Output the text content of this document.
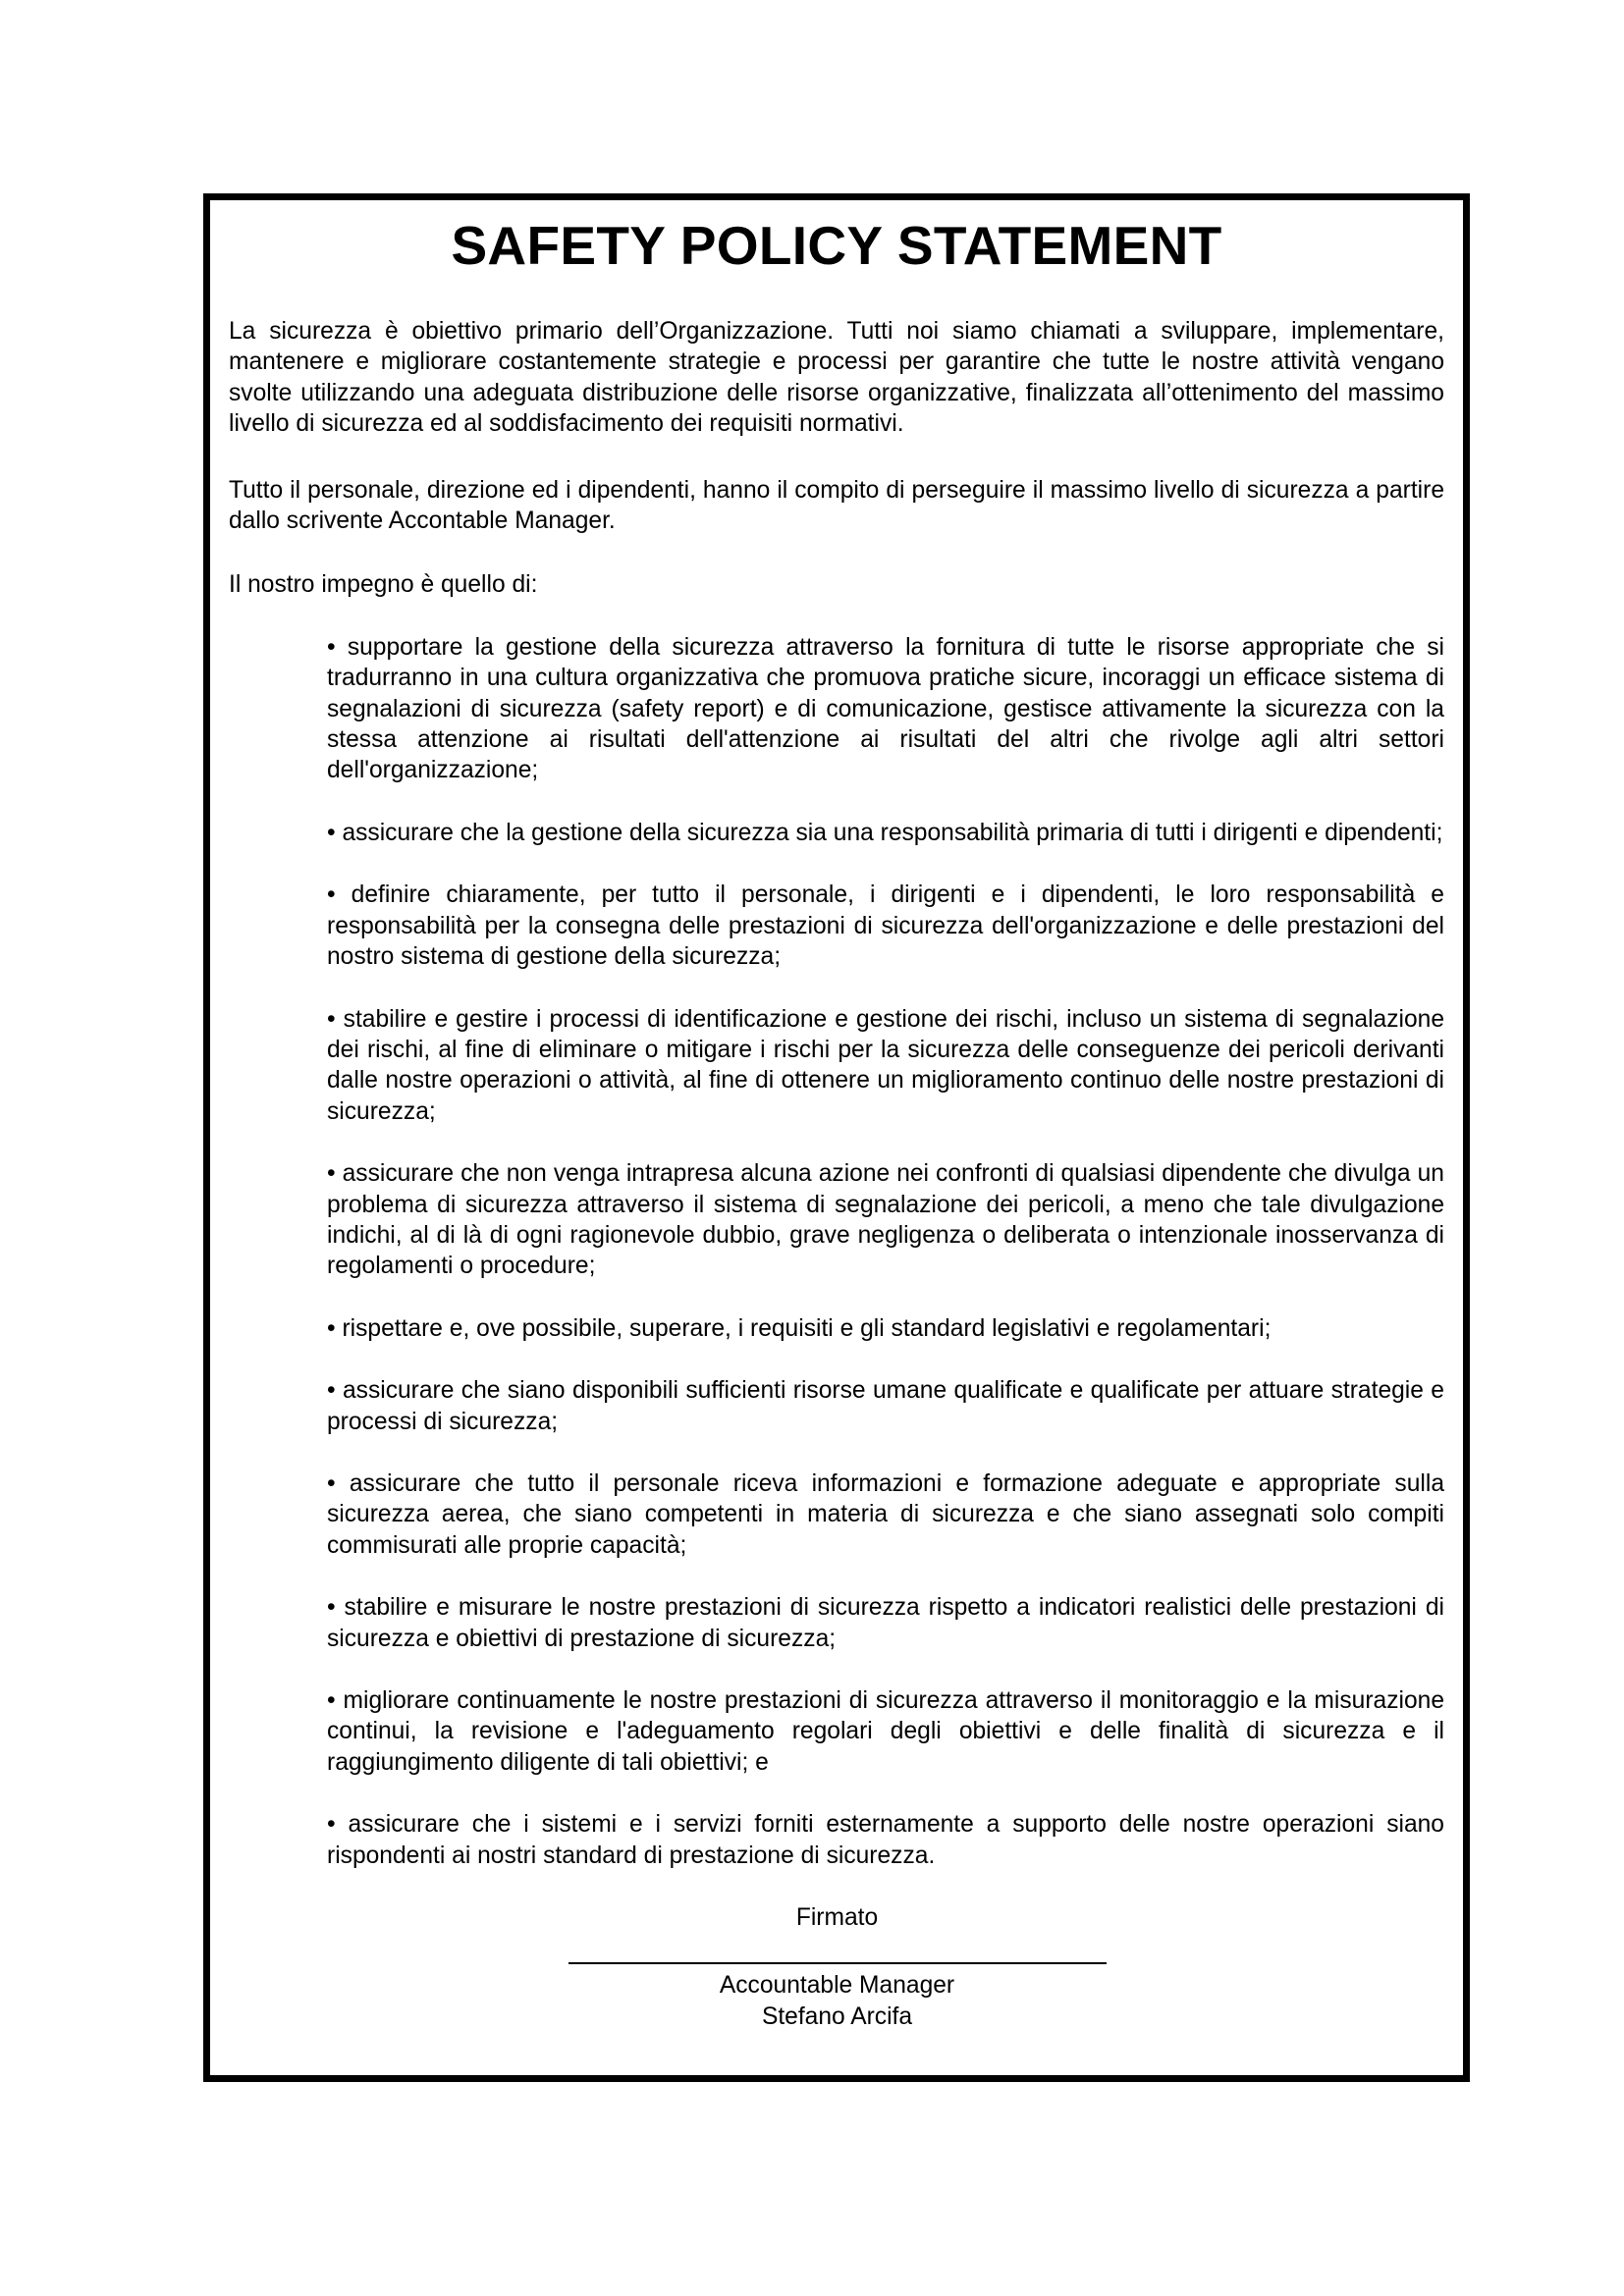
SAFETY POLICY STATEMENT

La sicurezza è obiettivo primario dell’Organizzazione. Tutti noi siamo chiamati a sviluppare, implementare, mantenere e migliorare costantemente strategie e processi per garantire che tutte le nostre attività vengano svolte utilizzando una adeguata distribuzione delle risorse organizzative, finalizzata all’ottenimento del massimo livello di sicurezza ed al soddisfacimento dei requisiti normativi.

Tutto il personale, direzione ed i dipendenti, hanno il compito di perseguire il massimo livello di sicurezza a partire dallo scrivente Accontable Manager.

Il nostro impegno è quello di:

• supportare la gestione della sicurezza attraverso la fornitura di tutte le risorse appropriate che si tradurranno in una cultura organizzativa che promuova pratiche sicure, incoraggi un efficace sistema di segnalazioni di sicurezza (safety report) e di comunicazione, gestisce attivamente la sicurezza con la stessa attenzione ai risultati dell'attenzione ai risultati del altri che rivolge agli altri settori dell'organizzazione;
• assicurare che la gestione della sicurezza sia una responsabilità primaria di tutti i dirigenti e dipendenti;
• definire chiaramente, per tutto il personale, i dirigenti e i dipendenti, le loro responsabilità e responsabilità per la consegna delle prestazioni di sicurezza dell'organizzazione e delle prestazioni del nostro sistema di gestione della sicurezza;
• stabilire e gestire i processi di identificazione e gestione dei rischi, incluso un sistema di segnalazione dei rischi, al fine di eliminare o mitigare i rischi per la sicurezza delle conseguenze dei pericoli derivanti dalle nostre operazioni o attività, al fine di ottenere un miglioramento continuo delle nostre prestazioni di sicurezza;
• assicurare che non venga intrapresa alcuna azione nei confronti di qualsiasi dipendente che divulga un problema di sicurezza attraverso il sistema di segnalazione dei pericoli, a meno che tale divulgazione indichi, al di là di ogni ragionevole dubbio, grave negligenza o deliberata o intenzionale inosservanza di regolamenti o procedure;
• rispettare e, ove possibile, superare, i requisiti e gli standard legislativi e regolamentari;
• assicurare che siano disponibili sufficienti risorse umane qualificate e qualificate per attuare strategie e processi di sicurezza;
• assicurare che tutto il personale riceva informazioni e formazione adeguate e appropriate sulla sicurezza aerea, che siano competenti in materia di sicurezza e che siano assegnati solo compiti commisurati alle proprie capacità;
• stabilire e misurare le nostre prestazioni di sicurezza rispetto a indicatori realistici delle prestazioni di sicurezza e obiettivi di prestazione di sicurezza;
• migliorare continuamente le nostre prestazioni di sicurezza attraverso il monitoraggio e la misurazione continui, la revisione e l'adeguamento regolari degli obiettivi e delle finalità di sicurezza e il raggiungimento diligente di tali obiettivi; e
• assicurare che i sistemi e i servizi forniti esternamente a supporto delle nostre operazioni siano rispondenti ai nostri standard di prestazione di sicurezza.
Firmato
Accountable Manager
Stefano Arcifa
